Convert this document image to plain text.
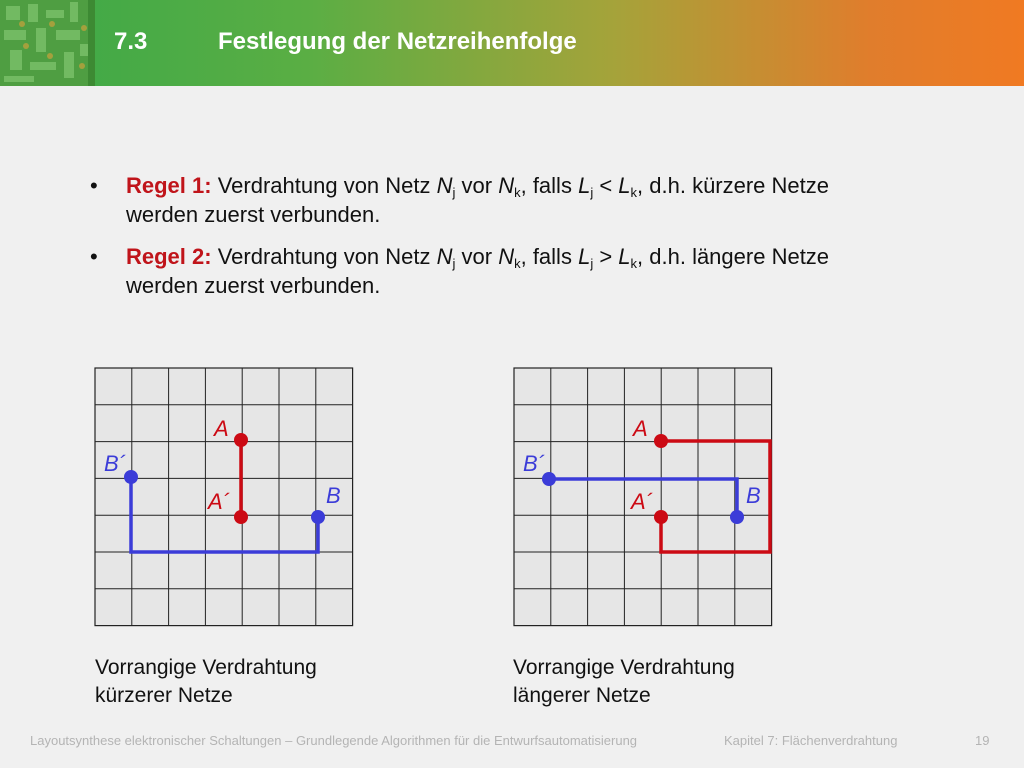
7.3	Festlegung der Netzreihenfolge
• Regel 1: Verdrahtung von Netz $N_j$ vor $N_k$, falls $L_j < L_k$, d.h. kürzere Netze
werden zuerst verbunden.
• Regel 2: Verdrahtung von Netz $N_j$ vor $N_k$, falls $L_j > L_k$, d.h. längere Netze
werden zuerst verbunden.
A
A´	B
B´
A
A´	B
B´
Vorrangige Verdrahtung
kürzerer Netze
Vorrangige Verdrahtung
längerer Netze
Layoutsynthese elektronischer Schaltungen – Grundlegende Algorithmen für die Entwurfsautomatisierung	Kapitel 7: Flächenverdrahtung	19
